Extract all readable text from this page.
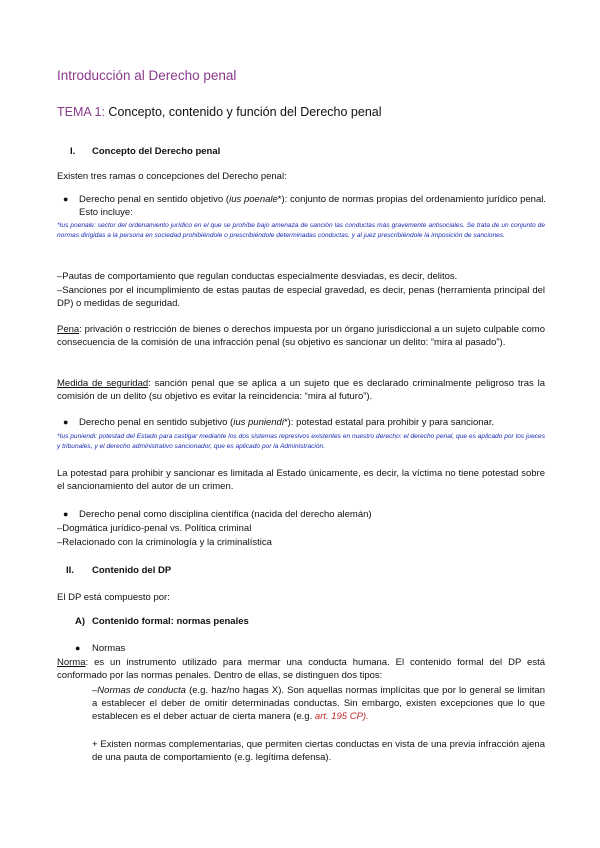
Introducción al Derecho penal
TEMA 1: Concepto, contenido y función del Derecho penal
I. Concepto del Derecho penal
Existen tres ramas o concepciones del Derecho penal:
● Derecho penal en sentido objetivo (ius poenale*): conjunto de normas propias del ordenamiento jurídico penal. Esto incluye:
*Ius poenale: sector del ordenamiento jurídico en el que se prohíbe bajo amenaza de sanción las conductas más gravemente antisociales. Se trata de un conjunto de normas dirigidas a la persona en sociedad prohibiéndole o prescribiéndole determinadas conductas; y al juez prescribiéndole la imposición de sanciones.
–Pautas de comportamiento que regulan conductas especialmente desviadas, es decir, delitos.
–Sanciones por el incumplimiento de estas pautas de especial gravedad, es decir, penas (herramienta principal del DP) o medidas de seguridad.
Pena: privación o restricción de bienes o derechos impuesta por un órgano jurisdiccional a un sujeto culpable como consecuencia de la comisión de una infracción penal (su objetivo es sancionar un delito: “mira al pasado”).
Medida de seguridad: sanción penal que se aplica a un sujeto que es declarado criminalmente peligroso tras la comisión de un delito (su objetivo es evitar la reincidencia: “mira al futuro”).
● Derecho penal en sentido subjetivo (ius puniendi*): potestad estatal para prohibir y para sancionar.
*Ius puniendi: potestad del Estado para castigar mediante los dos sistemas represivos existentes en nuestro derecho: el derecho penal, que es aplicado por los jueces y tribunales, y el derecho administrativo sancionador, que es aplicado por la Administración.
La potestad para prohibir y sancionar es limitada al Estado únicamente, es decir, la víctima no tiene potestad sobre el sancionamiento del autor de un crimen.
● Derecho penal como disciplina científica (nacida del derecho alemán)
–Dogmática jurídico-penal vs. Política criminal
–Relacionado con la criminología y la criminalística
II. Contenido del DP
El DP está compuesto por:
A) Contenido formal: normas penales
● Normas
Norma: es un instrumento utilizado para mermar una conducta humana. El contenido formal del DP está conformado por las normas penales. Dentro de ellas, se distinguen dos tipos:
–Normas de conducta (e.g. haz/no hagas X). Son aquellas normas implícitas que por lo general se limitan a establecer el deber de omitir determinadas conductas. Sin embargo, existen excepciones que lo que establecen es el deber actuar de cierta manera (e.g. art. 195 CP).
+ Existen normas complementarias, que permiten ciertas conductas en vista de una previa infracción ajena de una pauta de comportamiento (e.g. legítima defensa).
